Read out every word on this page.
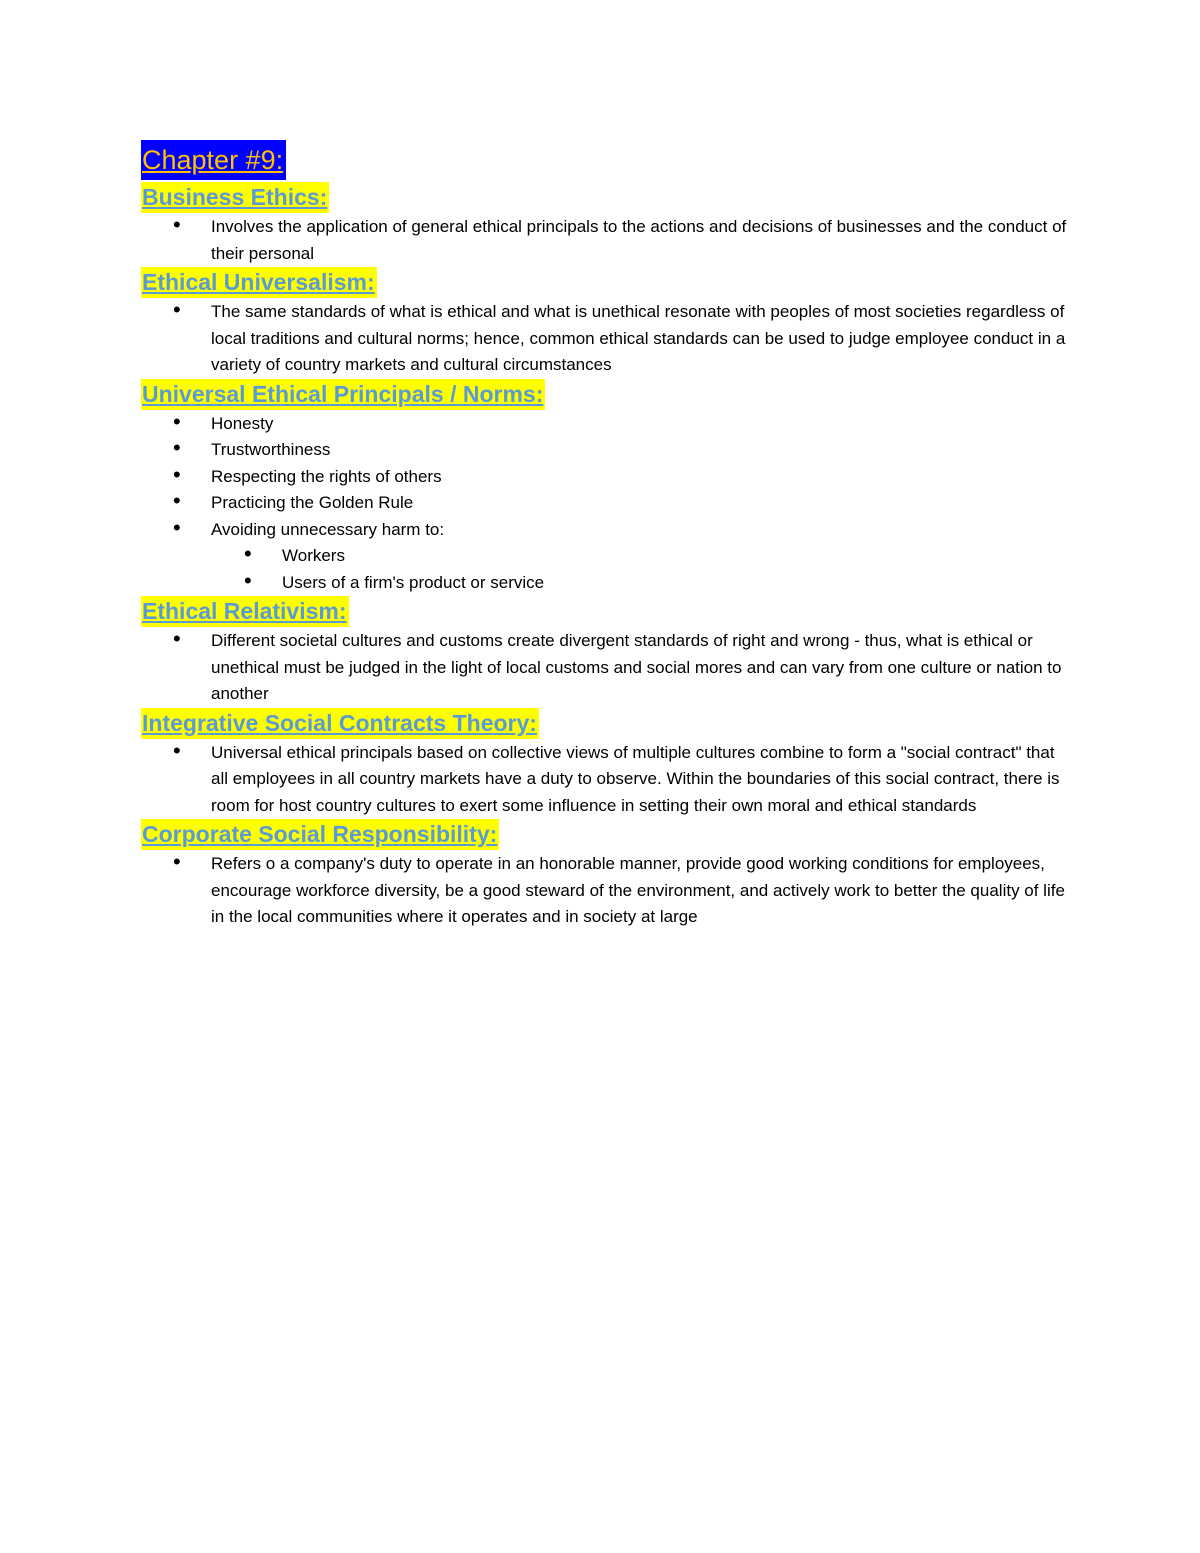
Chapter #9:
Business Ethics:
• Involves the application of general ethical principals to the actions and decisions of businesses and the conduct of their personal
Ethical Universalism:
• The same standards of what is ethical and what is unethical resonate with peoples of most societies regardless of local traditions and cultural norms; hence, common ethical standards can be used to judge employee conduct in a variety of country markets and cultural circumstances
Universal Ethical Principals / Norms:
• Honesty
• Trustworthiness
• Respecting the rights of others
• Practicing the Golden Rule
• Avoiding unnecessary harm to:
• Workers
• Users of a firm's product or service
Ethical Relativism:
• Different societal cultures and customs create divergent standards of right and wrong - thus, what is ethical or unethical must be judged in the light of local customs and social mores and can vary from one culture or nation to another
Integrative Social Contracts Theory:
• Universal ethical principals based on collective views of multiple cultures combine to form a "social contract" that all employees in all country markets have a duty to observe. Within the boundaries of this social contract, there is room for host country cultures to exert some influence in setting their own moral and ethical standards
Corporate Social Responsibility:
• Refers o a company's duty to operate in an honorable manner, provide good working conditions for employees, encourage workforce diversity, be a good steward of the environment, and actively work to better the quality of life in the local communities where it operates and in society at large
